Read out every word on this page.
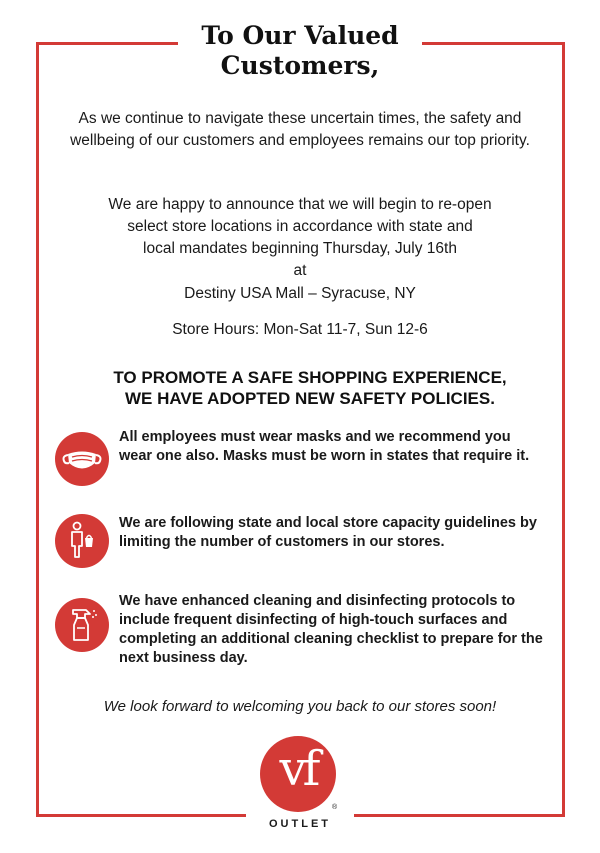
To Our Valued Customers,

As we continue to navigate these uncertain times, the safety and wellbeing of our customers and employees remains our top priority.

We are happy to announce that we will begin to re-open

select store locations in accordance with state and

local mandates beginning Thursday, July 16th

at

Destiny USA Mall – Syracuse, NY

Store Hours: Mon-Sat 11-7, Sun 12-6

TO PROMOTE A SAFE SHOPPING EXPERIENCE,
WE HAVE ADOPTED NEW SAFETY POLICIES.

All employees must wear masks and we recommend you wear one also. Masks must be worn in states that require it.

We are following state and local store capacity guidelines by limiting the number of customers in our stores.

We have enhanced cleaning and disinfecting protocols to include frequent disinfecting of high-touch surfaces and completing an additional cleaning checklist to prepare for the next business day.

We look forward to welcoming you back to our stores soon!

vf
®
OUTLET
